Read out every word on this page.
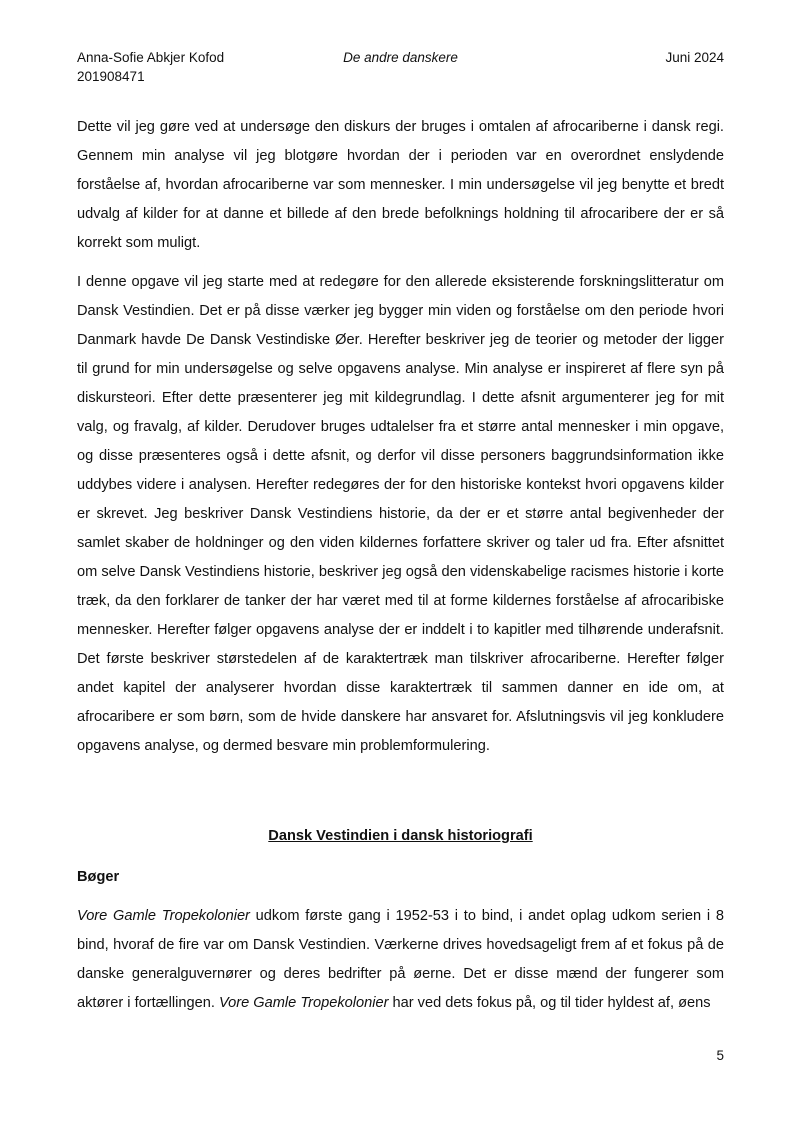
Anna-Sofie Abkjer Kofod
201908471
De andre danskere	Juni 2024

Dette vil jeg gøre ved at undersøge den diskurs der bruges i omtalen af afrocariberne i dansk regi. Gennem min analyse vil jeg blotgøre hvordan der i perioden var en overordnet enslydende forståelse af, hvordan afrocariberne var som mennesker. I min undersøgelse vil jeg benytte et bredt udvalg af kilder for at danne et billede af den brede befolknings holdning til afrocaribere der er så korrekt som muligt.

I denne opgave vil jeg starte med at redegøre for den allerede eksisterende forskningslitteratur om Dansk Vestindien. Det er på disse værker jeg bygger min viden og forståelse om den periode hvori Danmark havde De Dansk Vestindiske Øer. Herefter beskriver jeg de teorier og metoder der ligger til grund for min undersøgelse og selve opgavens analyse. Min analyse er inspireret af flere syn på diskursteori. Efter dette præsenterer jeg mit kildegrundlag. I dette afsnit argumenterer jeg for mit valg, og fravalg, af kilder. Derudover bruges udtalelser fra et større antal mennesker i min opgave, og disse præsenteres også i dette afsnit, og derfor vil disse personers baggrundsinformation ikke uddybes videre i analysen. Herefter redegøres der for den historiske kontekst hvori opgavens kilder er skrevet. Jeg beskriver Dansk Vestindiens historie, da der er et større antal begivenheder der samlet skaber de holdninger og den viden kildernes forfattere skriver og taler ud fra. Efter afsnittet om selve Dansk Vestindiens historie, beskriver jeg også den videnskabelige racismes historie i korte træk, da den forklarer de tanker der har været med til at forme kildernes forståelse af afrocaribiske mennesker. Herefter følger opgavens analyse der er inddelt i to kapitler med tilhørende underafsnit. Det første beskriver størstedelen af de karaktertræk man tilskriver afrocariberne. Herefter følger andet kapitel der analyserer hvordan disse karaktertræk til sammen danner en ide om, at afrocaribere er som børn, som de hvide danskere har ansvaret for. Afslutningsvis vil jeg konkludere opgavens analyse, og dermed besvare min problemformulering.

Dansk Vestindien i dansk historiografi
Bøger

Vore Gamle Tropekolonier udkom første gang i 1952-53 i to bind, i andet oplag udkom serien i 8 bind, hvoraf de fire var om Dansk Vestindien. Værkerne drives hovedsageligt frem af et fokus på de danske generalguvernører og deres bedrifter på øerne. Det er disse mænd der fungerer som aktører i fortællingen. Vore Gamle Tropekolonier har ved dets fokus på, og til tider hyldest af, øens

5
